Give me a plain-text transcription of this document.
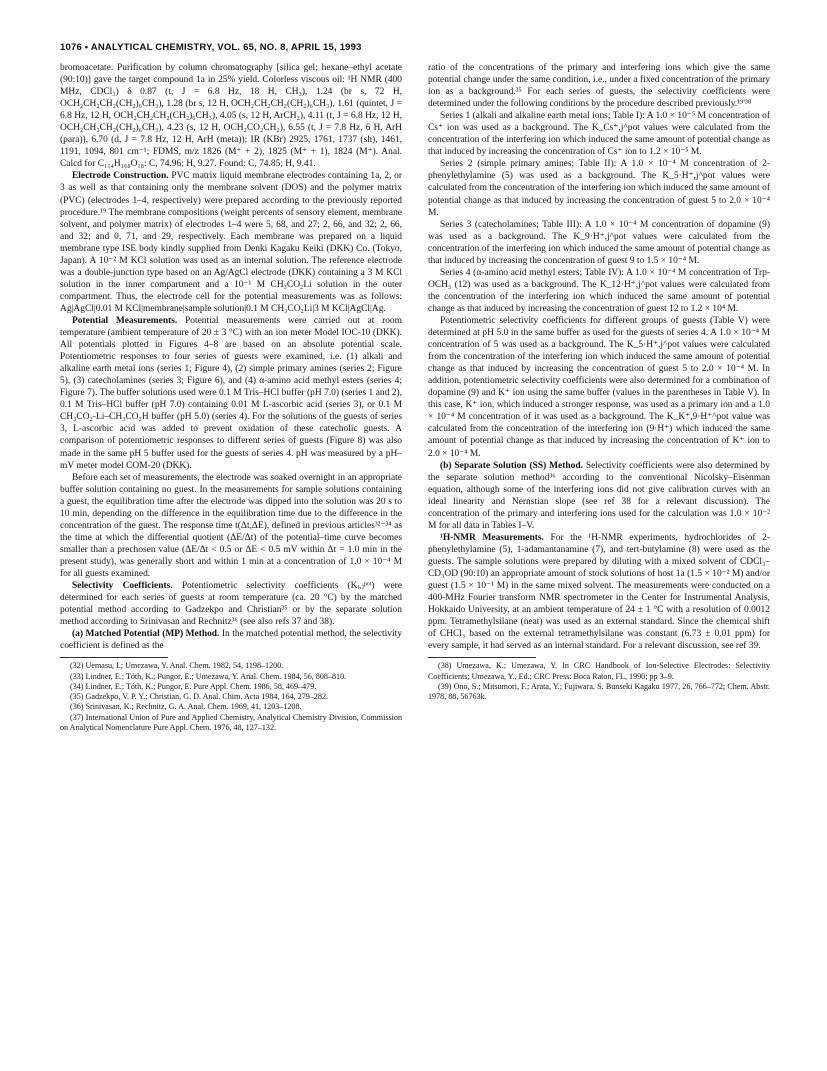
1076 • ANALYTICAL CHEMISTRY, VOL. 65, NO. 8, APRIL 15, 1993

bromoacetate. Purification by column chromatography [silica gel; hexane–ethyl acetate (90:10)] gave the target compound 1a in 25% yield. Colorless viscous oil: ¹H NMR (400 MHz, CDCl₃) δ 0.87 (t, J = 6.8 Hz, 18 H, CH₃), 1.24 (br s, 72 H, OCH₂CH₂CH₂(CH₂)₆CH₃), 1.28 (br s, 12 H, OCH₂CH₂CH₂(CH₂)₆CH₃), 1.61 (quintet, J = 6.8 Hz, 12 H, OCH₂CH₂CH₂(CH₂)₆CH₃), 4.05 (s, 12 H, ArCH₂), 4.11 (t, J = 6.8 Hz, 12 H, OCH₂CH₂CH₂(CH₂)₆CH₃), 4.23 (s, 12 H, OCH₂CO₂CH₂), 6.55 (t, J = 7.8 Hz, 6 H, ArH (para)), 6.70 (d, J = 7.8 Hz, 12 H, ArH (meta)); IR (KBr) 2925, 1761, 1737 (sh), 1461, 1191, 1094, 801 cm⁻¹; FDMS, m/z 1826 (M⁺ + 2), 1825 (M⁺ + 1), 1824 (M⁺). Anal. Calcd for C₁₁₄H₁₆₈O₁₈: C, 74.96; H, 9.27. Found: C, 74.85; H, 9.41.

Electrode Construction. PVC matrix liquid membrane electrodes containing 1a, 2, or 3 as well as that containing only the membrane solvent (DOS) and the polymer matrix (PVC) (electrodes 1–4, respectively) were prepared according to the previously reported procedure.¹⁹ The membrane compositions (weight percents of sensory element, membrane solvent, and polymer matrix) of electrodes 1–4 were 5, 68, and 27; 2, 66, and 32; 2, 66, and 32; and 0, 71, and 29, respectively. Each membrane was prepared on a liquid membrane type ISE body kindly supplied from Denki Kagaku Keiki (DKK) Co. (Tokyo, Japan). A 10⁻² M KCl solution was used as an internal solution. The reference electrode was a double-junction type based on an Ag/AgCl electrode (DKK) containing a 3 M KCl solution in the inner compartment and a 10⁻¹ M CH₃CO₂Li solution in the outer compartment. Thus, the electrode cell for the potential measurements was as follows: Ag|AgCl|0.01 M KCl|membrane|sample solution|0.1 M CH₃CO₂Li|3 M KCl|AgCl|Ag.

Potential Measurements. Potential measurements were carried out at room temperature (ambient temperature of 20 ± 3 °C) with an ion meter Model IOC-10 (DKK). All potentials plotted in Figures 4–8 are based on an absolute potential scale. Potentiometric responses to four series of guests were examined, i.e. (1) alkali and alkaline earth metal ions (series 1; Figure 4), (2) simple primary amines (series 2; Figure 5), (3) catecholamines (series 3; Figure 6), and (4) α-amino acid methyl esters (series 4; Figure 7). The buffer solutions used were 0.1 M Tris–HCl buffer (pH 7.0) (series 1 and 2), 0.1 M Tris–HCl buffer (pH 7.0) containing 0.01 M L-ascorbic acid (series 3), or 0.1 M CH₃CO₂-Li–CH₃CO₂H buffer (pH 5.0) (series 4). For the solutions of the guests of series 3, L-ascorbic acid was added to prevent oxidation of these catecholic guests. A comparison of potentiometric responses to different series of guests (Figure 8) was also made in the same pH 5 buffer used for the guests of series 4. pH was measured by a pH–mV meter model COM-20 (DKK).

Before each set of measurements, the electrode was soaked overnight in an appropriate buffer solution containing no guest. In the measurements for sample solutions containing a guest, the equilibration time after the electrode was dipped into the solution was 20 s to 10 min, depending on the difference in the equilibration time due to the difference in the concentration of the guest. The response time t(Δt,ΔE), defined in previous articles³²⁻³⁴ as the time at which the differential quotient (ΔE/Δt) of the potential–time curve becomes smaller than a prechosen value (ΔE/Δt < 0.5 or ΔE < 0.5 mV within Δt = 1.0 min in the present study), was generally short and within 1 min at a concentration of 1.0 × 10⁻⁴ M for all guests examined.

Selectivity Coefficients. Potentiometric selectivity coefficients (Kᵢ,ⱼᵖᵒᵗ) were determined for each series of guests at room temperature (ca. 20 °C) by the matched potential method according to Gadzekpo and Christian³⁵ or by the separate solution method according to Srinivasan and Rechnitz³⁶ (see also refs 37 and 38).

(a) Matched Potential (MP) Method. In the matched potential method, the selectivity coefficient is defined as the

(32) Uemasu, I.; Umezawa, Y. Anal. Chem. 1982, 54, 1198–1200.

(33) Lindner, E.; Tóth, K.; Pungor, E.; Umezawa, Y. Anal. Chem. 1984, 56, 808–810.

(34) Lindner, E.; Tóth, K.; Pungor, E. Pure Appl. Chem. 1986, 58, 469–479.

(35) Gadzekpo, V. P. Y.; Christian, G. D. Anal. Chim. Acta 1984, 164, 279–282.

(36) Srinivasan, K.; Rechnitz, G. A. Anal. Chem. 1969, 41, 1203–1208.

(37) International Union of Pure and Applied Chemistry, Analytical Chemistry Division, Commission on Analytical Nomenclature Pure Appl. Chem. 1976, 48, 127–132.

ratio of the concentrations of the primary and interfering ions which give the same potential change under the same condition, i.e., under a fixed concentration of the primary ion as a background.³⁵ For each series of guests, the selectivity coefficients were determined under the following conditions by the procedure described previously.¹⁹'³⁸

Series 1 (alkali and alkaline earth metal ions; Table I): A 1.0 × 10⁻⁵ M concentration of Cs⁺ ion was used as a background. The K_Cs⁺,j^pot values were calculated from the concentration of the interfering ion which induced the same amount of potential change as that induced by increasing the concentration of Cs⁺ ion to 1.2 × 10⁻⁵ M.

Series 2 (simple primary amines; Table II): A 1.0 × 10⁻⁴ M concentration of 2-phenylethylamine (5) was used as a background. The K_5·H⁺,j^pot values were calculated from the concentration of the interfering ion which induced the same amount of potential change as that induced by increasing the concentration of guest 5 to 2.0 × 10⁻⁴ M.

Series 3 (catecholamines; Table III): A 1.0 × 10⁻⁴ M concentration of dopamine (9) was used as a background. The K_9·H⁺,j^pot values were calculated from the concentration of the interfering ion which induced the same amount of potential change as that induced by increasing the concentration of guest 9 to 1.5 × 10⁻⁴ M.

Series 4 (α-amino acid methyl esters; Table IV): A 1.0 × 10⁻⁴ M concentration of Trp-OCH₃ (12) was used as a background. The K_12·H⁺,j^pot values were calculated from the concentration of the interfering ion which induced the same amount of potential change as that induced by increasing the concentration of guest 12 to 1.2 × 10⁴ M.

Potentiometric selectivity coefficients for different groups of guests (Table V) were determined at pH 5.0 in the same buffer as used for the guests of series 4. A 1.0 × 10⁻⁴ M concentration of 5 was used as a background. The K_5·H⁺,j^pot values were calculated from the concentration of the interfering ion which induced the same amount of potential change as that induced by increasing the concentration of guest 5 to 2.0 × 10⁻⁴ M. In addition, potentiometric selectivity coefficients were also determined for a combination of dopamine (9) and K⁺ ion using the same buffer (values in the parentheses in Table V). In this case, K⁺ ion, which induced a stronger response, was used as a primary ion and a 1.0 × 10⁻⁴ M concentration of it was used as a background. The K_K⁺,9·H⁺^pot value was calculated from the concentration of the interfering ion (9·H⁺) which induced the same amount of potential change as that induced by increasing the concentration of K⁺ ion to 2.0 × 10⁻⁴ M.

(b) Separate Solution (SS) Method. Selectivity coefficients were also determined by the separate solution method³⁶ according to the conventional Nicolsky–Eisenman equation, although some of the interfering ions did not give calibration curves with an ideal linearity and Nernstian slope (see ref 38 for a relevant discussion). The concentration of the primary and interfering ions used for the calculation was 1.0 × 10⁻² M for all data in Tables I–V.

¹H-NMR Measurements. For the ¹H-NMR experiments, hydrochlorides of 2-phenylethylamine (5), 1-adamantanamine (7), and tert-butylamine (8) were used as the guests. The sample solutions were prepared by diluting with a mixed solvent of CDCl₃–CD₃OD (90:10) an appropriate amount of stock solutions of host 1a (1.5 × 10⁻² M) and/or guest (1.5 × 10⁻¹ M) in the same mixed solvent. The measurements were conducted on a 400-MHz Fourier transform NMR spectrometer in the Center for Instrumental Analysis, Hokkaido University, at an ambient temperature of 24 ± 1 °C with a resolution of 0.0012 ppm. Tetramethylsilane (neat) was used as an external standard. Since the chemical shift of CHCl₃ based on the external tetramethylsilane was constant (6.73 ± 0.01 ppm) for every sample, it had served as an internal standard. For a relevant discussion, see ref 39.

(38) Umezawa, K.; Umezawa, Y. In CRC Handbook of Ion-Selective Electrodes: Selectivity Coefficients; Umezawa, Y., Ed.; CRC Press: Boca Raton, FL, 1990; pp 3–9.

(39) Ono, S.; Mitsumori, F.; Arata, Y.; Fujiwara, S. Bunseki Kagaku 1977, 26, 766–772; Chem. Abstr. 1978, 88, 56763k.
